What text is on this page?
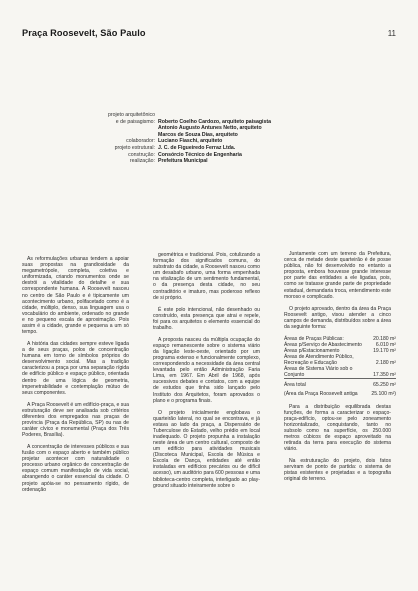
Praça Roosevelt, São Paulo	11
projeto arquitetônico
e de paisagismo: Roberto Coelho Cardozo, arquiteto paisagista
Antonio Augusto Antunes Netto, arquiteto
Marcos de Souza Dias, arquiteto
colaborador: Luciano Fiaschi, arquiteto
projeto estrutural: J. C. de Figueiredo Ferraz Ltda.
construção: Consórcio Técnico de Engenharia
realização: Prefeitura Municipal

As reformulações urbanas tendem a apoiar suas propostas na grandiosidade da megametrópole, completa, coletiva e uniformizada, criando monumentos onde se destrói a vitalidade do detalhe e sua correspondente humana. A Roosevelt nasceu no centro de São Paulo e é tipicamente um acontecimento urbano, polifacetado como é a cidade, múltiplo, denso, sua linguagem usa o vocabulário do ambiente, ordenado no grande e no pequeno escala de aproximação. Pois assim é a cidade, grande e pequena a um só tempo.

A história das cidades sempre esteve ligada a de seus praças, polos de concentração humana em torno de símbolos próprios do desenvolvimento social. Mas a tradição caracterizou a praça por uma separação rígida de edifício público e espaço público, orientada dentro de uma lógica de geometria, impenetrabilidade e contemplação mútuo de seus componentes.

A Praça Roosevelt é um edifício-praça, e sua estruturação deve ser analisada sob critérios diferentes dos empregados nas praças de província (Praça da República, SP) ou nas de caráter cívico e monumental (Praça dos Três Poderes, Brasília).

A concentração de interesses públicos e sua fusão com o espaço aberto e também público projetar acontecer com naturalidade o processo urbano orgânico de concentração de espaço comum manifestação de vida social, abrangendo o caráter essencial da cidade. O projeto apóia-se no pensamento rígido, de ordenação

geométrica e tradicional. Pois, cotulizando a formação dos significados comuns, do substrato da cidade, a Roosevelt nasceu como um desabafo urbano, uma forma empenhada na vitalização de um sentimento fundamental, o da presença desta cidade, no seu contraditório e imaturo, mas poderoso reflexo de si próprio.

É este polo intencional, não desenhado ou construído, esta presença que atrai e repele, foi para os arquitetos o elemento essencial do trabalho.

A proposta nasceu da múltipla ocupação do espaço remanescente sobre o sistema viário da ligação leste-oeste, orientado por um programa extenso e funcionalmente complexo, correspondendo a necessidade da área central levantada pelo então Administração Faria Lima, em 1967. Em Abril de 1968, após sucessivos debates e contatos, com a equipe de estudos que tinha sido lançado pelo Instituto dos Arquitetos, foram aprovados o plano e o programa finais.

O projeto inicialmente englobava o quarteirão lateral, no qual se encontrava, e já estava ao lado da praça, a Dispensário de Tuberculose do Estado, velho prédio em local inadequado. O projeto propunha a instalação neste área de um centro cultural, composto de um edifício para atividades musicais (Discoteca Municipal, Escola de Música e Escola de Dança, entidades até então instaladas em edifícios precários ou de difícil acesso), um auditório para 600 pessoas e uma biblioteca-centro completa, interligado ao play-ground situado inteiramente sobre o

Juntamente com um terreno da Prefeitura, cerca de metade deste quarteirão é de posse pública, não foi desenvolvido no entanto a proposta, embora houvesse grande interesse por parte das entidades a ele ligadas, pois, como se tratasse grande parte de propriedade estadual, demandaria troca, entendimento este moroso e complicado.

O projeto aprovado, dentro da área da Praça Roosevelt antigo, visou atender a cinco campos de demanda, distribuídos sobre a área da seguinte forma:

Áreas de Praças Públicas:	20.180 m²
Áreas p/Serviço de Abastecimento	6.010 m²
Áreas p/Estacionamento	19.170 m²
Áreas de Atendimento Público, Recreação e Educação	2.180 m²
Áreas de Sistema Viário sob o Conjunto	17.350 m²
Área total	65.250 m²
(Área da Praça Roosevelt antiga	25.100 m²)

Para a distribuição equilibrada destas funções, de forma a caracterizar o espaço-praça-edifício, optou-se pelo zoneamento horizontalizado, conquistando, tanto no subsolo como na superfície, os 250.000 metros cúbicos de espaço aproveitado na retirada da terra para execução do sistema viário.

Na estruturação do projeto, dois fatos serviram de ponto de partida: o sistema de pistas existentes e projetadas e a topografia original do terreno.
